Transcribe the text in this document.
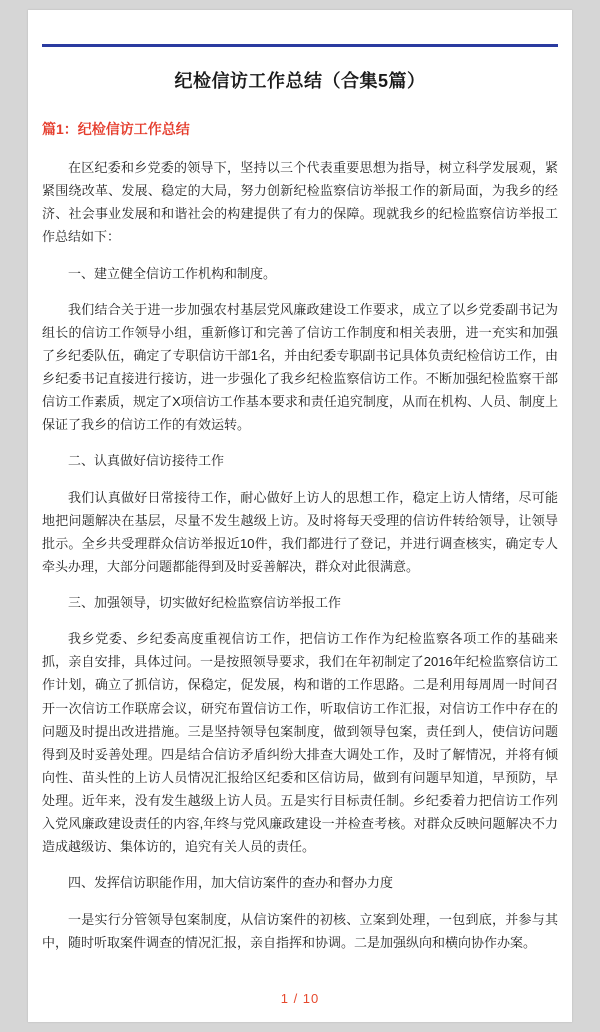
纪检信访工作总结（合集5篇）
篇1：纪检信访工作总结

在区纪委和乡党委的领导下，坚持以三个代表重要思想为指导，树立科学发展观，紧紧围绕改革、发展、稳定的大局，努力创新纪检监察信访举报工作的新局面，为我乡的经济、社会事业发展和和谐社会的构建提供了有力的保障。现就我乡的纪检监察信访举报工作总结如下：

一、建立健全信访工作机构和制度。

我们结合关于进一步加强农村基层党风廉政建设工作要求，成立了以乡党委副书记为组长的信访工作领导小组，重新修订和完善了信访工作制度和相关表册，进一充实和加强了乡纪委队伍，确定了专职信访干部1名，并由纪委专职副书记具体负责纪检信访工作，由乡纪委书记直接进行接访，进一步强化了我乡纪检监察信访工作。不断加强纪检监察干部信访工作素质，规定了X项信访工作基本要求和责任追究制度，从而在机构、人员、制度上保证了我乡的信访工作的有效运转。

二、认真做好信访接待工作

我们认真做好日常接待工作，耐心做好上访人的思想工作，稳定上访人情绪，尽可能地把问题解决在基层，尽量不发生越级上访。及时将每天受理的信访件转给领导，让领导批示。全乡共受理群众信访举报近10件，我们都进行了登记，并进行调查核实，确定专人牵头办理，大部分问题都能得到及时妥善解决，群众对此很满意。

三、加强领导，切实做好纪检监察信访举报工作

我乡党委、乡纪委高度重视信访工作，把信访工作作为纪检监察各项工作的基础来抓，亲自安排，具体过问。一是按照领导要求，我们在年初制定了2016年纪检监察信访工作计划，确立了抓信访，保稳定，促发展，构和谐的工作思路。二是利用每周周一时间召开一次信访工作联席会议，研究布置信访工作，听取信访工作汇报，对信访工作中存在的问题及时提出改进措施。三是坚持领导包案制度，做到领导包案，责任到人，使信访问题得到及时妥善处理。四是结合信访矛盾纠纷大排查大调处工作，及时了解情况，并将有倾向性、苗头性的上访人员情况汇报给区纪委和区信访局，做到有问题早知道，早预防，早处理。近年来，没有发生越级上访人员。五是实行目标责任制。乡纪委着力把信访工作列入党风廉政建设责任的内容,年终与党风廉政建设一并检查考核。对群众反映问题解决不力造成越级访、集体访的，追究有关人员的责任。

四、发挥信访职能作用，加大信访案件的查办和督办力度

一是实行分管领导包案制度，从信访案件的初核、立案到处理，一包到底，并参与其中，随时听取案件调查的情况汇报，亲自指挥和协调。二是加强纵向和横向协作办案。

1 / 10
